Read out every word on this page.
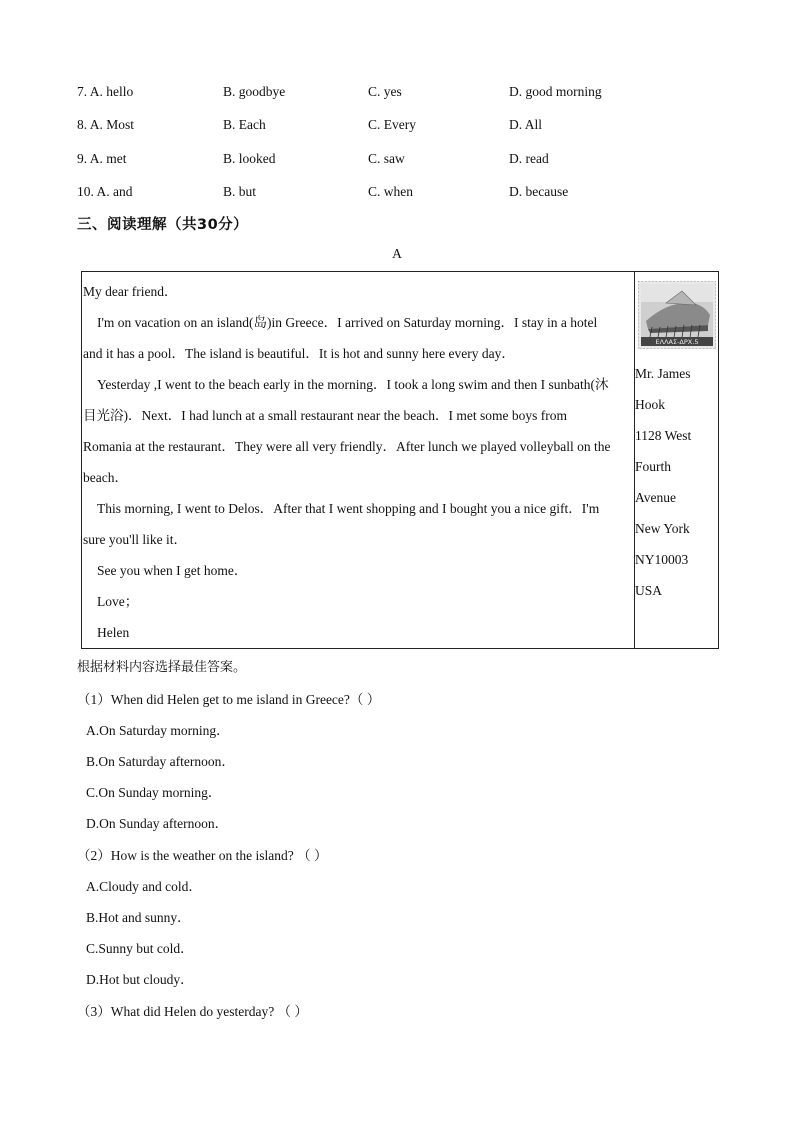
7. A. hello	B. goodbye	C. yes	D. good morning
8. A. Most	B. Each	C. Every	D. All
9. A. met	B. looked	C. saw	D. read
10. A. and	B. but	C. when	D. because
三、阅读理解（共30分）
A

My dear friend．

I'm on vacation on an island(岛)in Greece．I arrived on Saturday morning．I stay in a hotel

and it has a pool．The island is beautiful．It is hot and sunny here every day．

Yesterday ,I went to the beach early in the morning．I took a long swim and then I sunbath(沐

目光浴)．Next．I had lunch at a small restaurant near the beach．I met some boys from

Romania at the restaurant．They were all very friendly．After lunch we played volleyball on the

beach．

This morning, I went to Delos．After that I went shopping and I bought you a nice gift．I'm

sure you'll like it．

See you when I get home．

Love；

Helen

ΕΛΛΑΣ-ΔΡΧ.5
Mr. James
Hook
1128 West
Fourth
Avenue
New York
NY10003
USA
根据材料内容选择最佳答案。
（1）When did Helen get to me island in Greece?（ ）
A.On Saturday morning．
B.On Saturday afternoon．
C.On Sunday morning．
D.On Sunday afternoon．
（2）How is the weather on the island? （ ）
A.Cloudy and cold．
B.Hot and sunny．
C.Sunny but cold．
D.Hot but cloudy．
（3）What did Helen do yesterday? （ ）
